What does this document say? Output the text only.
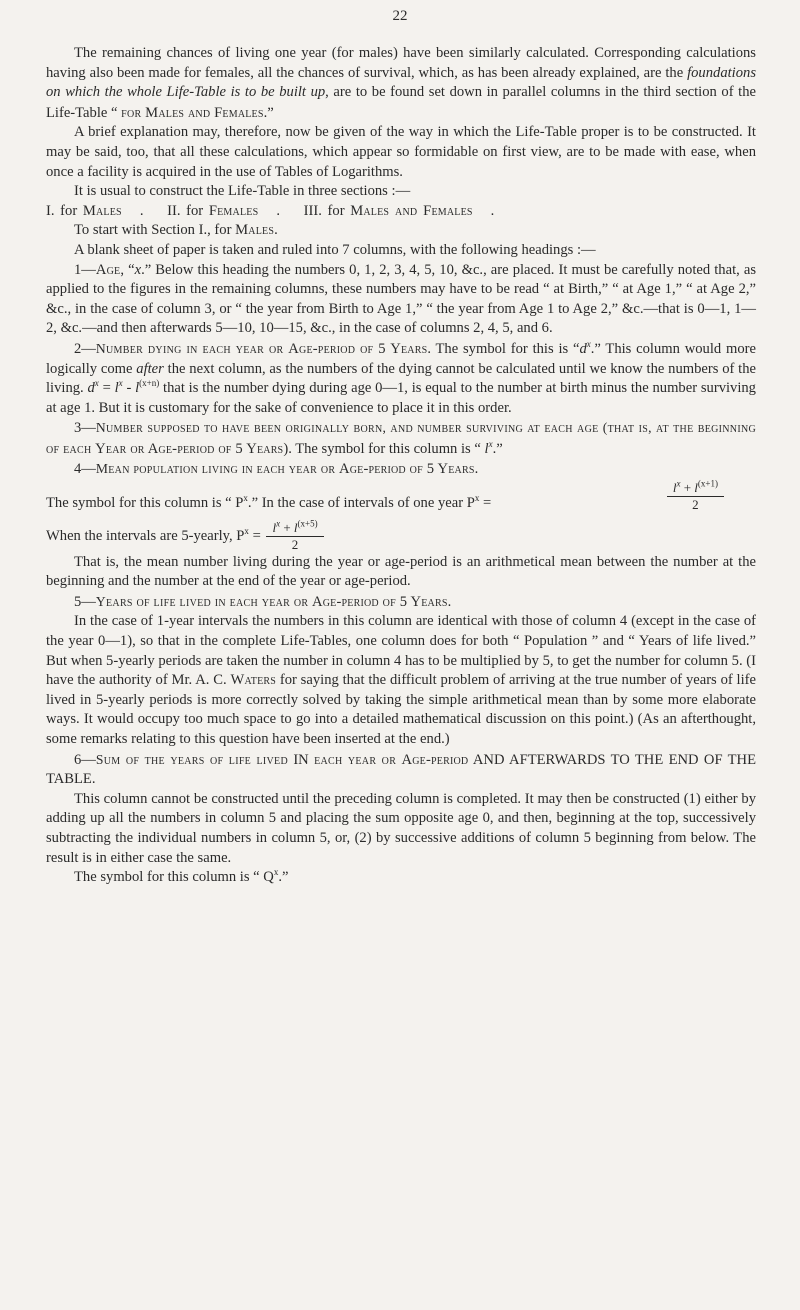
22

The remaining chances of living one year (for males) have been similarly calculated. Corresponding calculations having also been made for females, all the chances of survival, which, as has been already explained, are the foundations on which the whole Life-Table is to be built up, are to be found set down in parallel columns in the third section of the Life-Table “ for Males and Females.”

A brief explanation may, therefore, now be given of the way in which the Life-Table proper is to be constructed. It may be said, too, that all these calculations, which appear so formidable on first view, are to be made with ease, when once a facility is acquired in the use of Tables of Logarithms.

It is usual to construct the Life-Table in three sections :—

I. for Males . II. for Females . III. for Males and Females .

To start with Section I., for Males.

A blank sheet of paper is taken and ruled into 7 columns, with the following headings :—

1—Age, “x.” Below this heading the numbers 0, 1, 2, 3, 4, 5, 10, &c., are placed. It must be carefully noted that, as applied to the figures in the remaining columns, these numbers may have to be read “ at Birth,” “ at Age 1,” “ at Age 2,” &c., in the case of column 3, or “ the year from Birth to Age 1,” “ the year from Age 1 to Age 2,” &c.—that is 0—1, 1—2, &c.—and then afterwards 5—10, 10—15, &c., in the case of columns 2, 4, 5, and 6.

2—Number dying in each year or Age-period of 5 Years. The symbol for this is “$d^x$.” This column would more logically come after the next column, as the numbers of the dying cannot be calculated until we know the numbers of the living. $d^x = l^x - l^{(x+n)}$ that is the number dying during age 0—1, is equal to the number at birth minus the number surviving at age 1. But it is customary for the sake of convenience to place it in this order.

3—Number supposed to have been originally born, and number surviving at each age (that is, at the beginning of each Year or Age-period of 5 Years). The symbol for this column is “ $l^x$.”

4—Mean population living in each year or Age-period of 5 Years.

The symbol for this column is “ $P^x$.” In the case of intervals of one year $P^x$ =	$\frac{l^x + l^{(x+1)}}{2}$

When the intervals are 5-yearly, $P^x = \frac{l^x + l^{(x+5)}}{2}$

That is, the mean number living during the year or age-period is an arithmetical mean between the number at the beginning and the number at the end of the year or age-period.

5—Years of life lived in each year or Age-period of 5 Years.

In the case of 1-year intervals the numbers in this column are identical with those of column 4 (except in the case of the year 0—1), so that in the complete Life-Tables, one column does for both “ Population ” and “ Years of life lived.” But when 5-yearly periods are taken the number in column 4 has to be multiplied by 5, to get the number for column 5. (I have the authority of Mr. A. C. Waters for saying that the difficult problem of arriving at the true number of years of life lived in 5-yearly periods is more correctly solved by taking the simple arithmetical mean than by some more elaborate ways. It would occupy too much space to go into a detailed mathematical discussion on this point.) (As an afterthought, some remarks relating to this question have been inserted at the end.)

6—Sum of the years of life lived IN each year or Age-period AND AFTERWARDS TO THE END OF THE TABLE.

This column cannot be constructed until the preceding column is completed. It may then be constructed (1) either by adding up all the numbers in column 5 and placing the sum opposite age 0, and then, beginning at the top, successively subtracting the individual numbers in column 5, or, (2) by successive additions of column 5 beginning from below. The result is in either case the same.

The symbol for this column is “ $Q^x$.”
